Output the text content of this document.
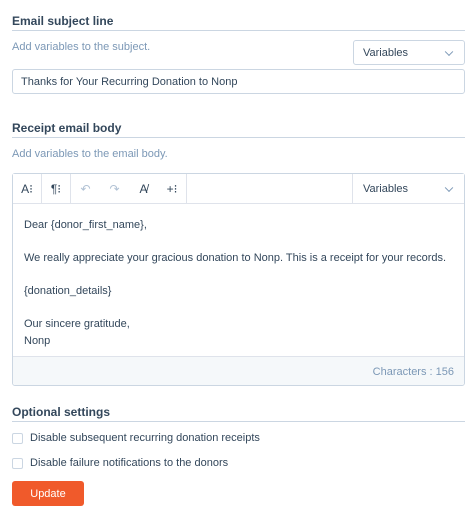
Email subject line
Add variables to the subject.	Variables
Thanks for Your Recurring Donation to Nonp
Receipt email body
Add variables to the email body.
A⁝ ¶⁝ ↶ ↷ A̸ +⁝	Variables

Dear {donor_first_name},

We really appreciate your gracious donation to Nonp. This is a receipt for your records.

{donation_details}

Our sincere gratitude,

Nonp

Characters : 156
Optional settings
Disable subsequent recurring donation receipts
Disable failure notifications to the donors
Update
